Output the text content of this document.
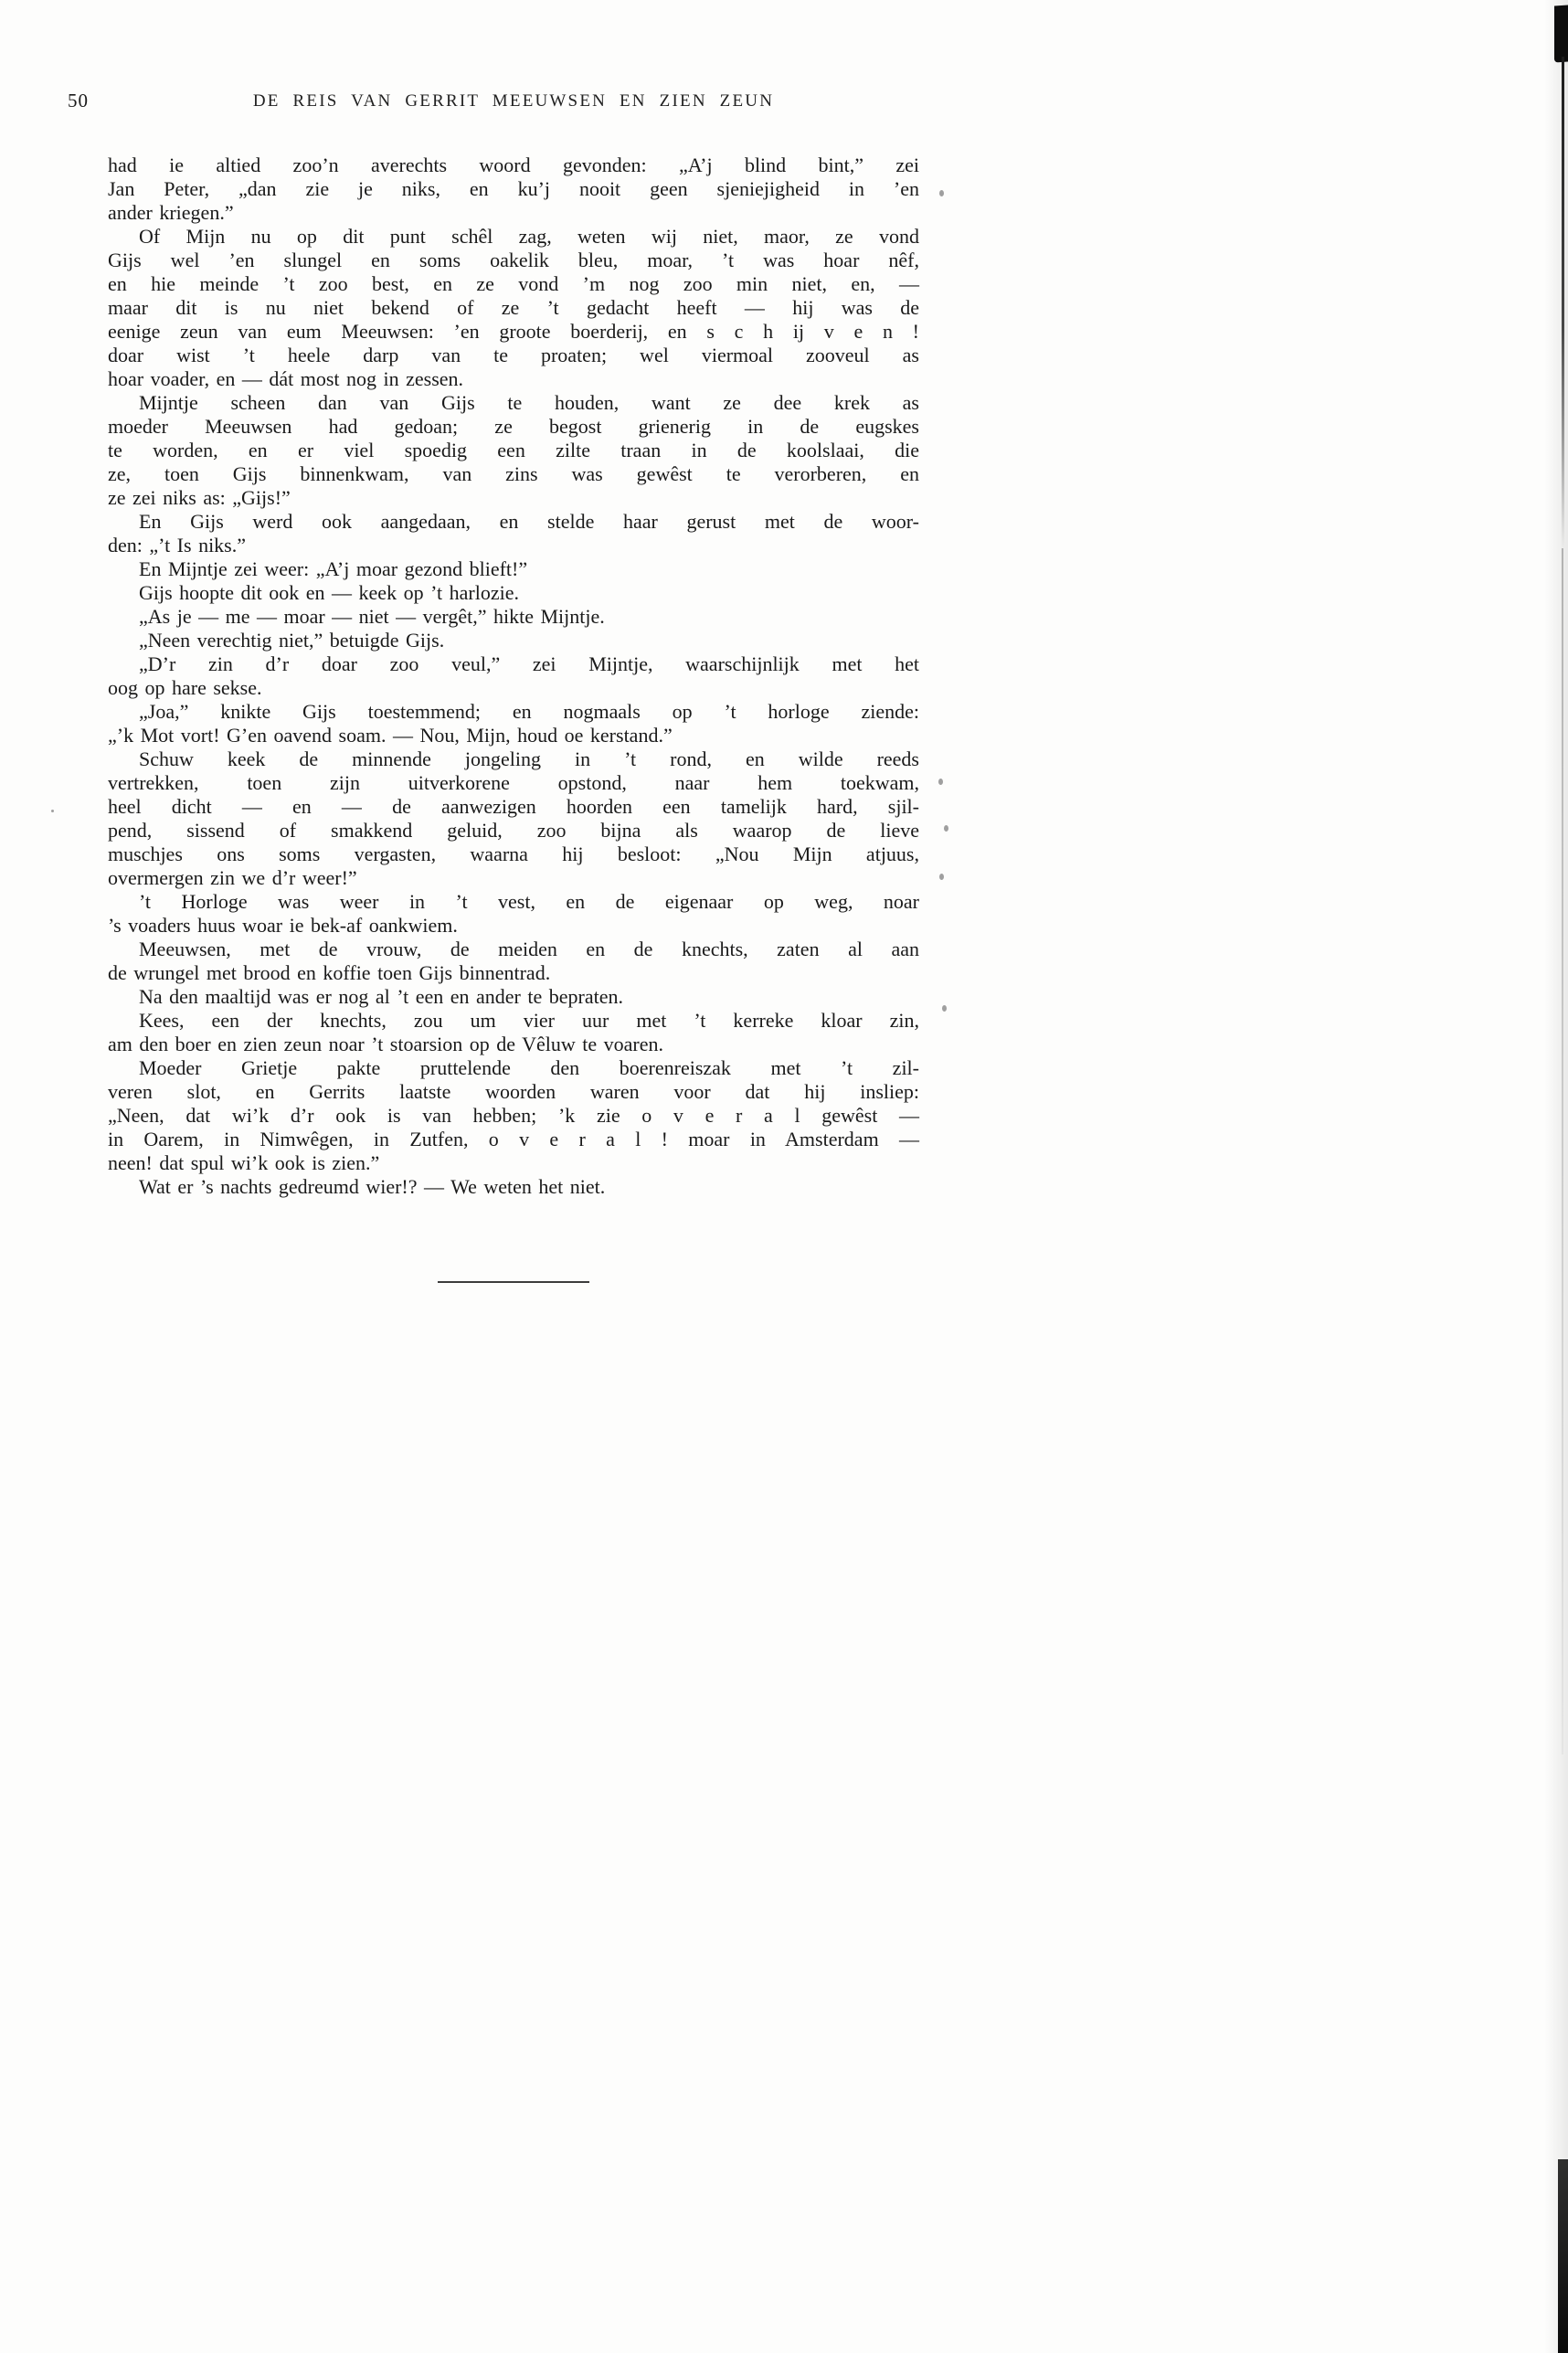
50	DE REIS VAN GERRIT MEEUWSEN EN ZIEN ZEUN

had ie altied zoo’n averechts woord gevonden: „A’j blind bint,” zei
Jan Peter, „dan zie je niks, en ku’j nooit geen sjeniejigheid in ’en
ander kriegen.”

Of Mijn nu op dit punt schêl zag, weten wij niet, maor, ze vond
Gijs wel ’en slungel en soms oakelik bleu, moar, ’t was hoar nêf,
en hie meinde ’t zoo best, en ze vond ’m nog zoo min niet, en, —
maar dit is nu niet bekend of ze ’t gedacht heeft — hij was de
eenige zeun van eum Meeuwsen: ’en groote boerderij, en s c h ij v e n !
doar wist ’t heele darp van te proaten; wel viermoal zooveul as
hoar voader, en — dát most nog in zessen.

Mijntje scheen dan van Gijs te houden, want ze dee krek as
moeder Meeuwsen had gedoan; ze begost grienerig in de eugskes
te worden, en er viel spoedig een zilte traan in de koolslaai, die
ze, toen Gijs binnenkwam, van zins was gewêst te verorberen, en
ze zei niks as: „Gijs!”

En Gijs werd ook aangedaan, en stelde haar gerust met de woor-
den: „’t Is niks.”

En Mijntje zei weer: „A’j moar gezond blieft!”

Gijs hoopte dit ook en — keek op ’t harlozie.

„As je — me — moar — niet — vergêt,” hikte Mijntje.

„Neen verechtig niet,” betuigde Gijs.

„D’r zin d’r doar zoo veul,” zei Mijntje, waarschijnlijk met het
oog op hare sekse.

„Joa,” knikte Gijs toestemmend; en nogmaals op ’t horloge ziende:
„’k Mot vort! G’en oavend soam. — Nou, Mijn, houd oe kerstand.”

Schuw keek de minnende jongeling in ’t rond, en wilde reeds
vertrekken, toen zijn uitverkorene opstond, naar hem toekwam,
heel dicht — en — de aanwezigen hoorden een tamelijk hard, sjil-
pend, sissend of smakkend geluid, zoo bijna als waarop de lieve
muschjes ons soms vergasten, waarna hij besloot: „Nou Mijn atjuus,
overmergen zin we d’r weer!”

’t Horloge was weer in ’t vest, en de eigenaar op weg, noar
’s voaders huus woar ie bek-af oankwiem.

Meeuwsen, met de vrouw, de meiden en de knechts, zaten al aan
de wrungel met brood en koffie toen Gijs binnentrad.

Na den maaltijd was er nog al ’t een en ander te bepraten.

Kees, een der knechts, zou um vier uur met ’t kerreke kloar zin,
am den boer en zien zeun noar ’t stoarsion op de Vêluw te voaren.

Moeder Grietje pakte pruttelende den boerenreiszak met ’t zil-
veren slot, en Gerrits laatste woorden waren voor dat hij insliep:
„Neen, dat wi’k d’r ook is van hebben; ’k zie o v e r a l gewêst —
in Oarem, in Nimwêgen, in Zutfen, o v e r a l ! moar in Amsterdam —
neen! dat spul wi’k ook is zien.”

Wat er ’s nachts gedreumd wier!? — We weten het niet.
